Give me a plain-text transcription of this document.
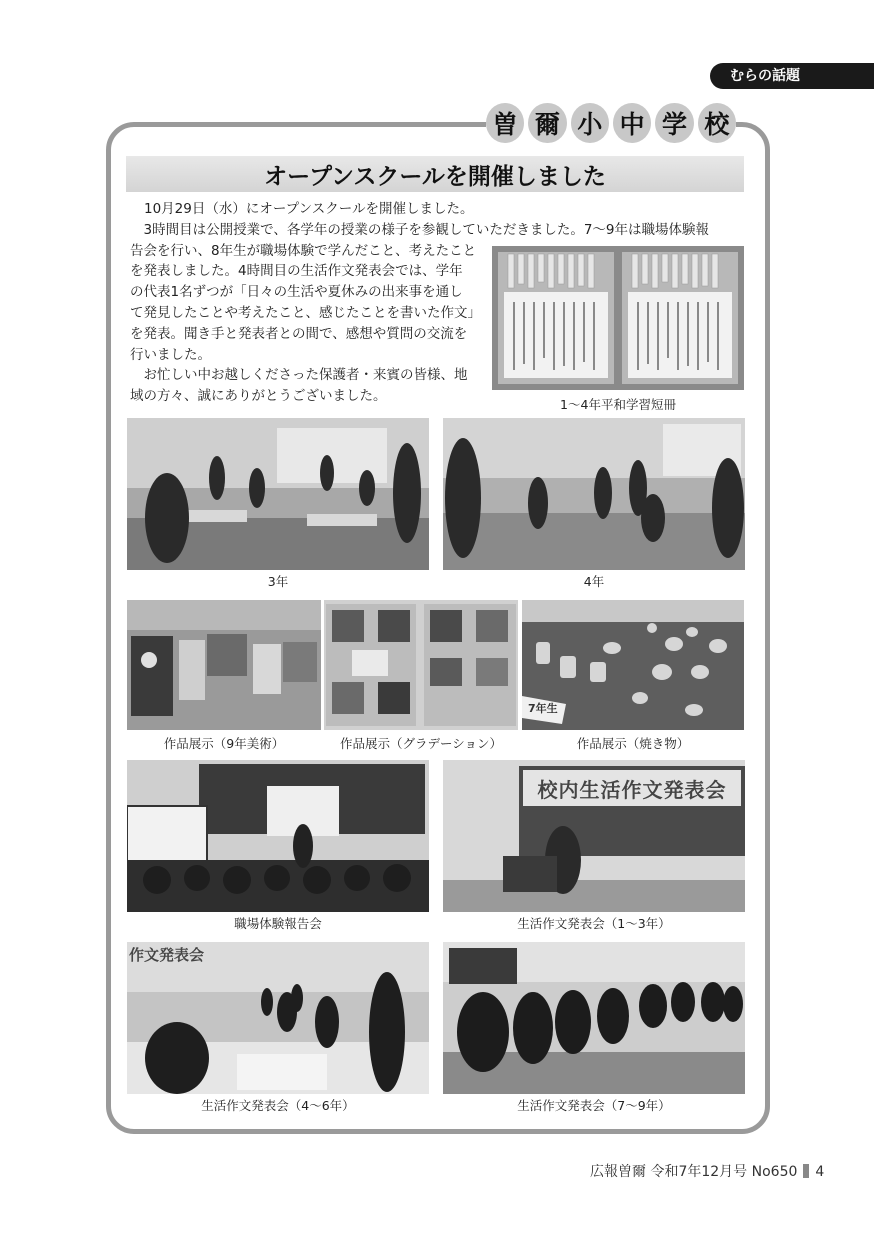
むらの話題
曽 爾 小 中 学 校
オープンスクールを開催しました
10月29日（水）にオープンスクールを開催しました。
　3時間目は公開授業で、各学年の授業の様子を参観していただきました。7～9年は職場体験報
告会を行い、8年生が職場体験で学んだこと、考えたこと
を発表しました。4時間目の生活作文発表会では、学年
の代表1名ずつが「日々の生活や夏休みの出来事を通し
て発見したことや考えたこと、感じたことを書いた作文」
を発表。聞き手と発表者との間で、感想や質問の交流を
行いました。
　お忙しい中お越しくださった保護者・来賓の皆様、地
域の方々、誠にありがとうございました。
1～4年平和学習短冊
3年	4年
作品展示（9年美術）	作品展示（グラデーション）
7年生
作品展示（焼き物）
職場体験報告会
校内生活作文発表会
生活作文発表会（1～3年）
作文発表会
生活作文発表会（4～6年）	生活作文発表会（7～9年）
広報曽爾 令和7年12月号 No650 4
